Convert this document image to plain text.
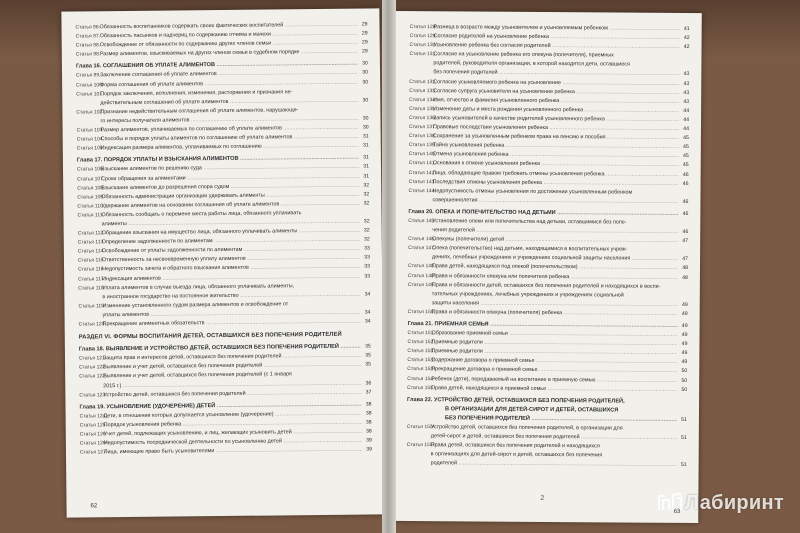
Статья 96. Обязанность воспитанников содержать своих фактических воспитателей .....	29
Статья 97. Обязанность пасынков и падчериц по содержанию отчима и мачехи .....	29
Статья 98. Освобождение от обязанности по содержанию других членов семьи .....	29
Статья 98. Размер алиментов, взыскиваемых на других членов семьи в судебном порядке .....	29
Глава 16. СОГЛАШЕНИЯ ОБ УПЛАТЕ АЛИМЕНТОВ .....	30
Статья 99. Заключение соглашения об уплате алиментов .....	30
Статья 100.
Форма соглашения об уплате алиментов .....	30
Статья 101.
Порядок заключения, исполнения, изменения, расторжения и признания не-
действительным соглашения об уплате алиментов .....	30
Статья 102.
Признание недействительным соглашения об уплате алиментов, нарушающе-
го интересы получателя алиментов .....	30
Статья 103.
Размер алиментов, уплачиваемых по соглашению об уплате алиментов .....	30
Статья 104.
Способы и порядок уплаты алиментов по соглашению об уплате алиментов .....	31
Статья 105.
Индексация размера алиментов, уплачиваемых по соглашению .....	31
Глава 17. ПОРЯДОК УПЛАТЫ И ВЗЫСКАНИЯ АЛИМЕНТОВ .....	31
Статья 106.
Взыскание алиментов по решению суда .....	31
Статья 107.
Сроки обращения за алиментами .....	31
Статья 108.
Взыскание алиментов до разрешения спора судом .....	32
Статья 109.
Обязанность администрации организации удерживать алименты .....	32
Статья 110.
Удержание алиментов на основании соглашения об уплате алиментов .....	32
Статья 111.
Обязанность сообщать о перемене места работы лица, обязанного уплачивать
алименты .....	32
Статья 112.
Обращение взыскания на имущество лица, обязанного уплачивать алименты .....	32
Статья 113.
Определение задолженности по алиментам .....	32
Статья 114.
Освобождение от уплаты задолженности по алиментам .....	33
Статья 115.
Ответственность за несвоевременную уплату алиментов .....	33
Статья 116.
Недопустимость зачета и обратного взыскания алиментов .....	33
Статья 117.
Индексация алиментов .....	33
Статья 118.
Уплата алиментов в случае выезда лица, обязанного уплачивать алименты,
в иностранное государство на постоянное жительство .....	34
Статья 119.
Изменение установленного судом размера алиментов и освобождение от
уплаты алиментов .....	34
Статья 120.
Прекращение алиментных обязательств .....	34
РАЗДЕЛ VI. ФОРМЫ ВОСПИТАНИЯ ДЕТЕЙ, ОСТАВШИХСЯ БЕЗ ПОПЕЧЕНИЯ РОДИТЕЛЕЙ
Глава 18. ВЫЯВЛЕНИЕ И УСТРОЙСТВО ДЕТЕЙ, ОСТАВШИХСЯ БЕЗ ПОПЕЧЕНИЯ РОДИТЕЛЕЙ .....	35
Статья 121.
Защита прав и интересов детей, оставшихся без попечения родителей .....	35
Статья 122.
Выявление и учет детей, оставшихся без попечения родителей .....	35
Статья 122.
Выявление и учет детей, оставшихся без попечения родителей (с 1 января
2015 г.) .....	36
Статья 123.
Устройство детей, оставшихся без попечения родителей .....	37
Глава 19. УСЫНОВЛЕНИЕ (УДОЧЕРЕНИЕ) ДЕТЕЙ .....	38
Статья 124.
Дети, в отношении которых допускается усыновление (удочерение) .....	38
Статья 125.
Порядок усыновления ребенка .....	38
Статья 126.
Учет детей, подлежащих усыновлению, и лиц, желающих усыновить детей .....	38
Статья 126¹.
Недопустимость посреднической деятельности по усыновлению детей .....	39
Статья 127.
Лица, имеющие право быть усыновителями .....	39
62
Статья 128.
Разница в возрасте между усыновителем и усыновляемым ребенком .....	41
Статья 129.
Согласие родителей на усыновление ребенка .....	42
Статья 130.
Усыновление ребенка без согласия родителей .....	42
Статья 131.
Согласие на усыновление ребенка его опекуна (попечителя), приемных
родителей, руководителя организации, в которой находятся дети, оставшиеся
без попечения родителей .....	43
Статья 132.
Согласие усыновляемого ребенка на усыновление .....	43
Статья 133.
Согласие супруга усыновителя на усыновление ребенка .....	43
Статья 134.
Имя, отчество и фамилия усыновленного ребенка .....	43
Статья 135.
Изменение даты и места рождения усыновленного ребенка .....	44
Статья 136.
Запись усыновителей в качестве родителей усыновленного ребенка .....	44
Статья 137.
Правовые последствия усыновления ребенка .....	44
Статья 138.
Сохранение за усыновленным ребенком права на пенсию и пособия .....	45
Статья 139.
Тайна усыновления ребенка .....	45
Статья 140.
Отмена усыновления ребенка .....	45
Статья 141.
Основания к отмене усыновления ребенка .....	45
Статья 142.
Лица, обладающие правом требовать отмены усыновления ребенка .....	46
Статья 143.
Последствия отмены усыновления ребенка .....	46
Статья 144.
Недопустимость отмены усыновления по достижении усыновленным ребенком
совершеннолетия .....	46
Глава 20. ОПЕКА И ПОПЕЧИТЕЛЬСТВО НАД ДЕТЬМИ .....	46
Статья 145.
Установление опеки или попечительства над детьми, оставшимися без попе-
чения родителей .....	46
Статья 146.
Опекуны (попечители) детей .....	47
Статья 147.
Опека (попечительство) над детьми, находящимися в воспитательных учреж-
дениях, лечебных учреждениях и учреждениях социальной защиты населения .....	47
Статья 148.
Права детей, находящихся под опекой (попечительством) .....	48
Статья 148¹.
Права и обязанности опекуна или попечителя ребенка .....	48
Статья 149.
Права и обязанности детей, оставшихся без попечения родителей и находящихся в воспи-
тательных учреждениях, лечебных учреждениях и учреждениях социальной
защиты населения .....	49
Статья 150.
Права и обязанности опекуна (попечителя) ребенка .....	49
Глава 21. ПРИЕМНАЯ СЕМЬЯ .....	49
Статья 151.
Образование приемной семьи .....	49
Статья 152.
Приемные родители .....	49
Статья 153.
Приемные родители .....	49
Статья 153¹.
Содержание договора о приемной семье .....	49
Статья 153².
Прекращение договора о приемной семье .....	50
Статья 154.
Ребенок (дети), передаваемый на воспитание в приемную семью .....	50
Статья 155.
Права детей, находящихся в приемной семье .....	50
Глава 22. УСТРОЙСТВО ДЕТЕЙ, ОСТАВШИХСЯ БЕЗ ПОПЕЧЕНИЯ РОДИТЕЛЕЙ,
В ОРГАНИЗАЦИИ ДЛЯ ДЕТЕЙ-СИРОТ И ДЕТЕЙ, ОСТАВШИХСЯ
БЕЗ ПОПЕЧЕНИЯ РОДИТЕЛЕЙ .....	51
Статья 155¹.
Устройство детей, оставшихся без попечения родителей, в организации для
детей-сирот и детей, оставшихся без попечения родителей .....	51
Статья 155².
Права детей, оставшихся без попечения родителей и находящихся
в организациях для детей-сирот и детей, оставшихся без попечения
родителей .....	51
2
63 Лабиринт
